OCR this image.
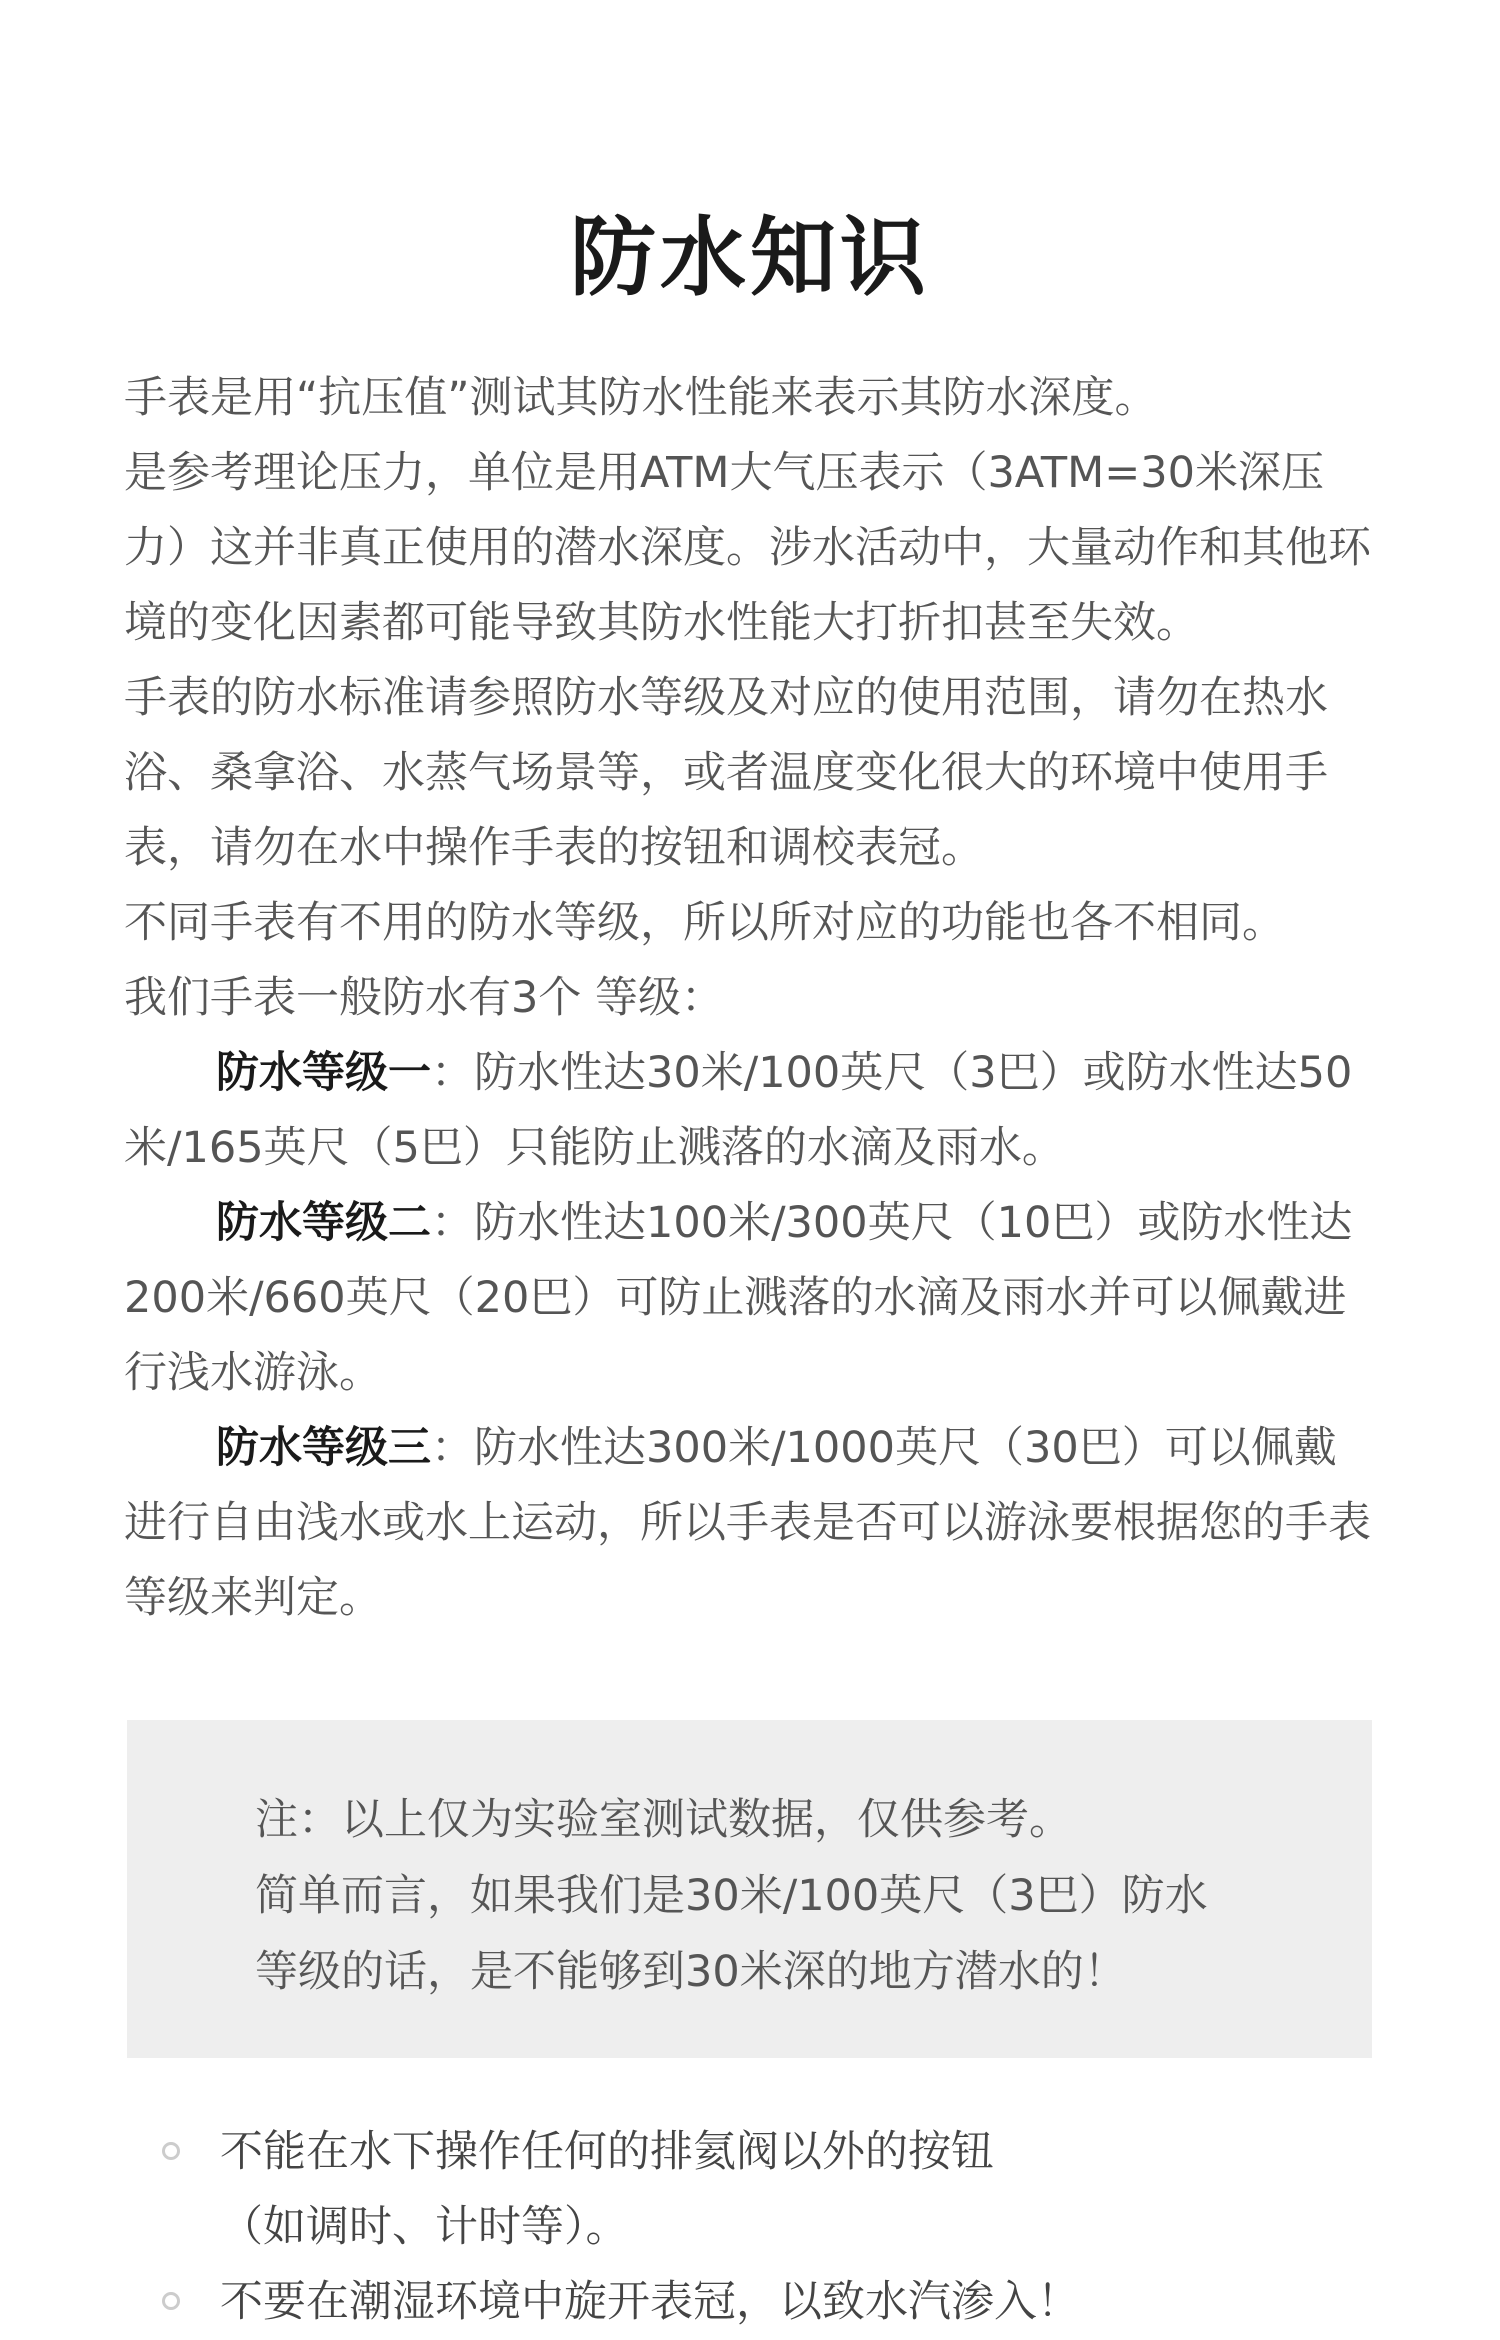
防水知识

手表是用“抗压值”测试其防水性能来表示其防水深度。

是参考理论压力，单位是用ATM大气压表示（3ATM=30米深压力）这并非真正使用的潜水深度。涉水活动中，大量动作和其他环境的变化因素都可能导致其防水性能大打折扣甚至失效。

手表的防水标准请参照防水等级及对应的使用范围，请勿在热水浴、桑拿浴、水蒸气场景等，或者温度变化很大的环境中使用手表，请勿在水中操作手表的按钮和调校表冠。

不同手表有不用的防水等级，所以所对应的功能也各不相同。

我们手表一般防水有3个 等级：

防水等级一：防水性达30米/100英尺（3巴）或防水性达50米/165英尺（5巴）只能防止溅落的水滴及雨水。

防水等级二：防水性达100米/300英尺（10巴）或防水性达200米/660英尺（20巴）可防止溅落的水滴及雨水并可以佩戴进行浅水游泳。

防水等级三：防水性达300米/1000英尺（30巴）可以佩戴进行自由浅水或水上运动，所以手表是否可以游泳要根据您的手表等级来判定。

注：以上仅为实验室测试数据，仅供参考。

简单而言，如果我们是30米/100英尺（3巴）防水

等级的话，是不能够到30米深的地方潜水的！

不能在水下操作任何的排氦阀以外的按钮

（如调时、计时等）。

不要在潮湿环境中旋开表冠，以致水汽渗入！
